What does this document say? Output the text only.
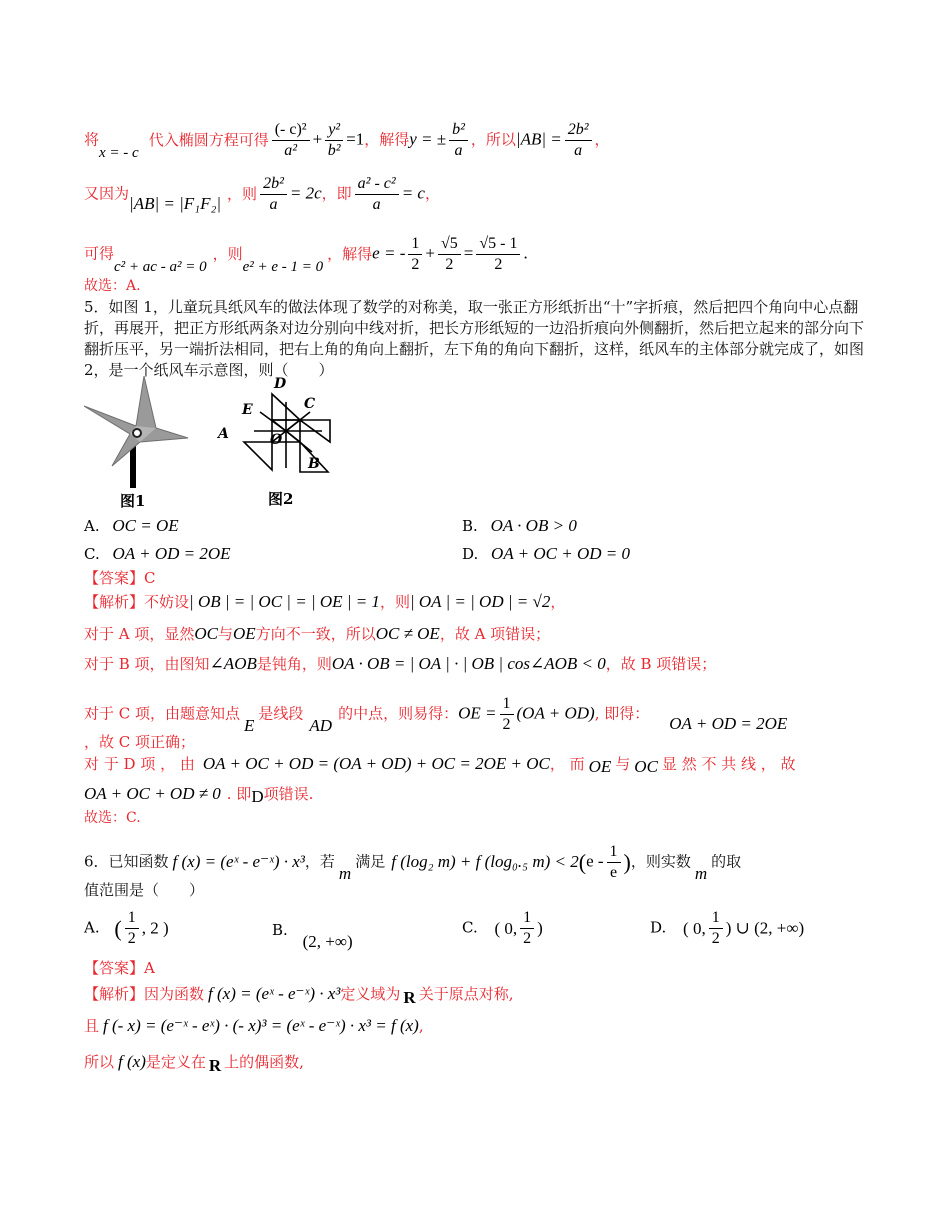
将x = - c代入椭圆方程可得 $\frac{\text{(- c)²}}{\text{a²}} + \frac{\text{y²}}{\text{b²}} =1$，解得y = ± $\frac{\text{b²}}{a}$ ，所以$|AB| = \frac{\text{2b²}}{a}$ ，
又因为|AB| = |F₁F₂| ，则 $\frac{\text{2b²}}{a} = 2c$，即 $\frac{\text{a² - c²}}{a} = c$，
可得c² + ac - a² = 0，则e² + e - 1 = 0，解得e = - $\frac{1}{2} + \frac{√5}{2} = \frac{√5 - 1}{2}$ .
故选：A.
5．如图 1，儿童玩具纸风车的做法体现了数学的对称美，取一张正方形纸折出“十”字折痕，然后把四个角向中心点翻折，再展开，把正方形纸两条对边分别向中线对折，把长方形纸短的一边沿折痕向外侧翻折，然后把立起来的部分向下翻折压平，另一端折法相同，把右上角的角向上翻折，左下角的角向下翻折，这样，纸风车的主体部分就完成了，如图 2，是一个纸风车示意图，则（　　）
图1
D
E	C
A	O
B
图2
A. OC = OE	B. OA · OB > 0
C. OA + OD = 2OE	D. OA + OC + OD = 0
【答案】C
【解析】不妨设| OB | = | OC | = | OE | = 1，则| OA | = | OD | = √2，
对于 A 项，显然OC与OE方向不一致，所以OC ≠ OE，故 A 项错误；
对于 B 项，由图知∠AOB是钝角，则OA · OB = | OA | · | OB | cos∠AOB < 0，故 B 项错误；
对于 C 项，由题意知点E是线段AD的中点，则易得：OE = $\frac{1}{2} (OA + OD)$, 即得： OA + OD = 2OE
，故 C 项正确；
对 于 D 项 ， 由 OA + OC + OD = (OA + OD) + OC = 2OE + OC， 而 OE 与 OC 显 然 不 共 线 ， 故
OA + OC + OD ≠ 0 . 即D项错误.
故选：C.
6．已知函数 f (x) = (eˣ - e⁻ˣ) · x³，若m满足 f (log₂ m) + f (log₀.₅ $m) < 2(e - \frac{1}{e}$ )，则实数m的取
值范围是（　　）
A. ( $\frac{1}{2}$ , 2 )	B. (2, +∞)
C. ( 0, $\frac{1}{2}$ )	D. ( 0, $\frac{1}{2}$ ) ∪ (2, +∞)
【答案】A
【解析】因为函数 f (x) = (eˣ - e⁻ˣ) · x³定义域为 R 关于原点对称,
且 f (- x) = (e⁻ˣ - eˣ) · (- x)³ = (eˣ - e⁻ˣ) · x³ = f (x),
所以 f (x)是定义在 R 上的偶函数,
